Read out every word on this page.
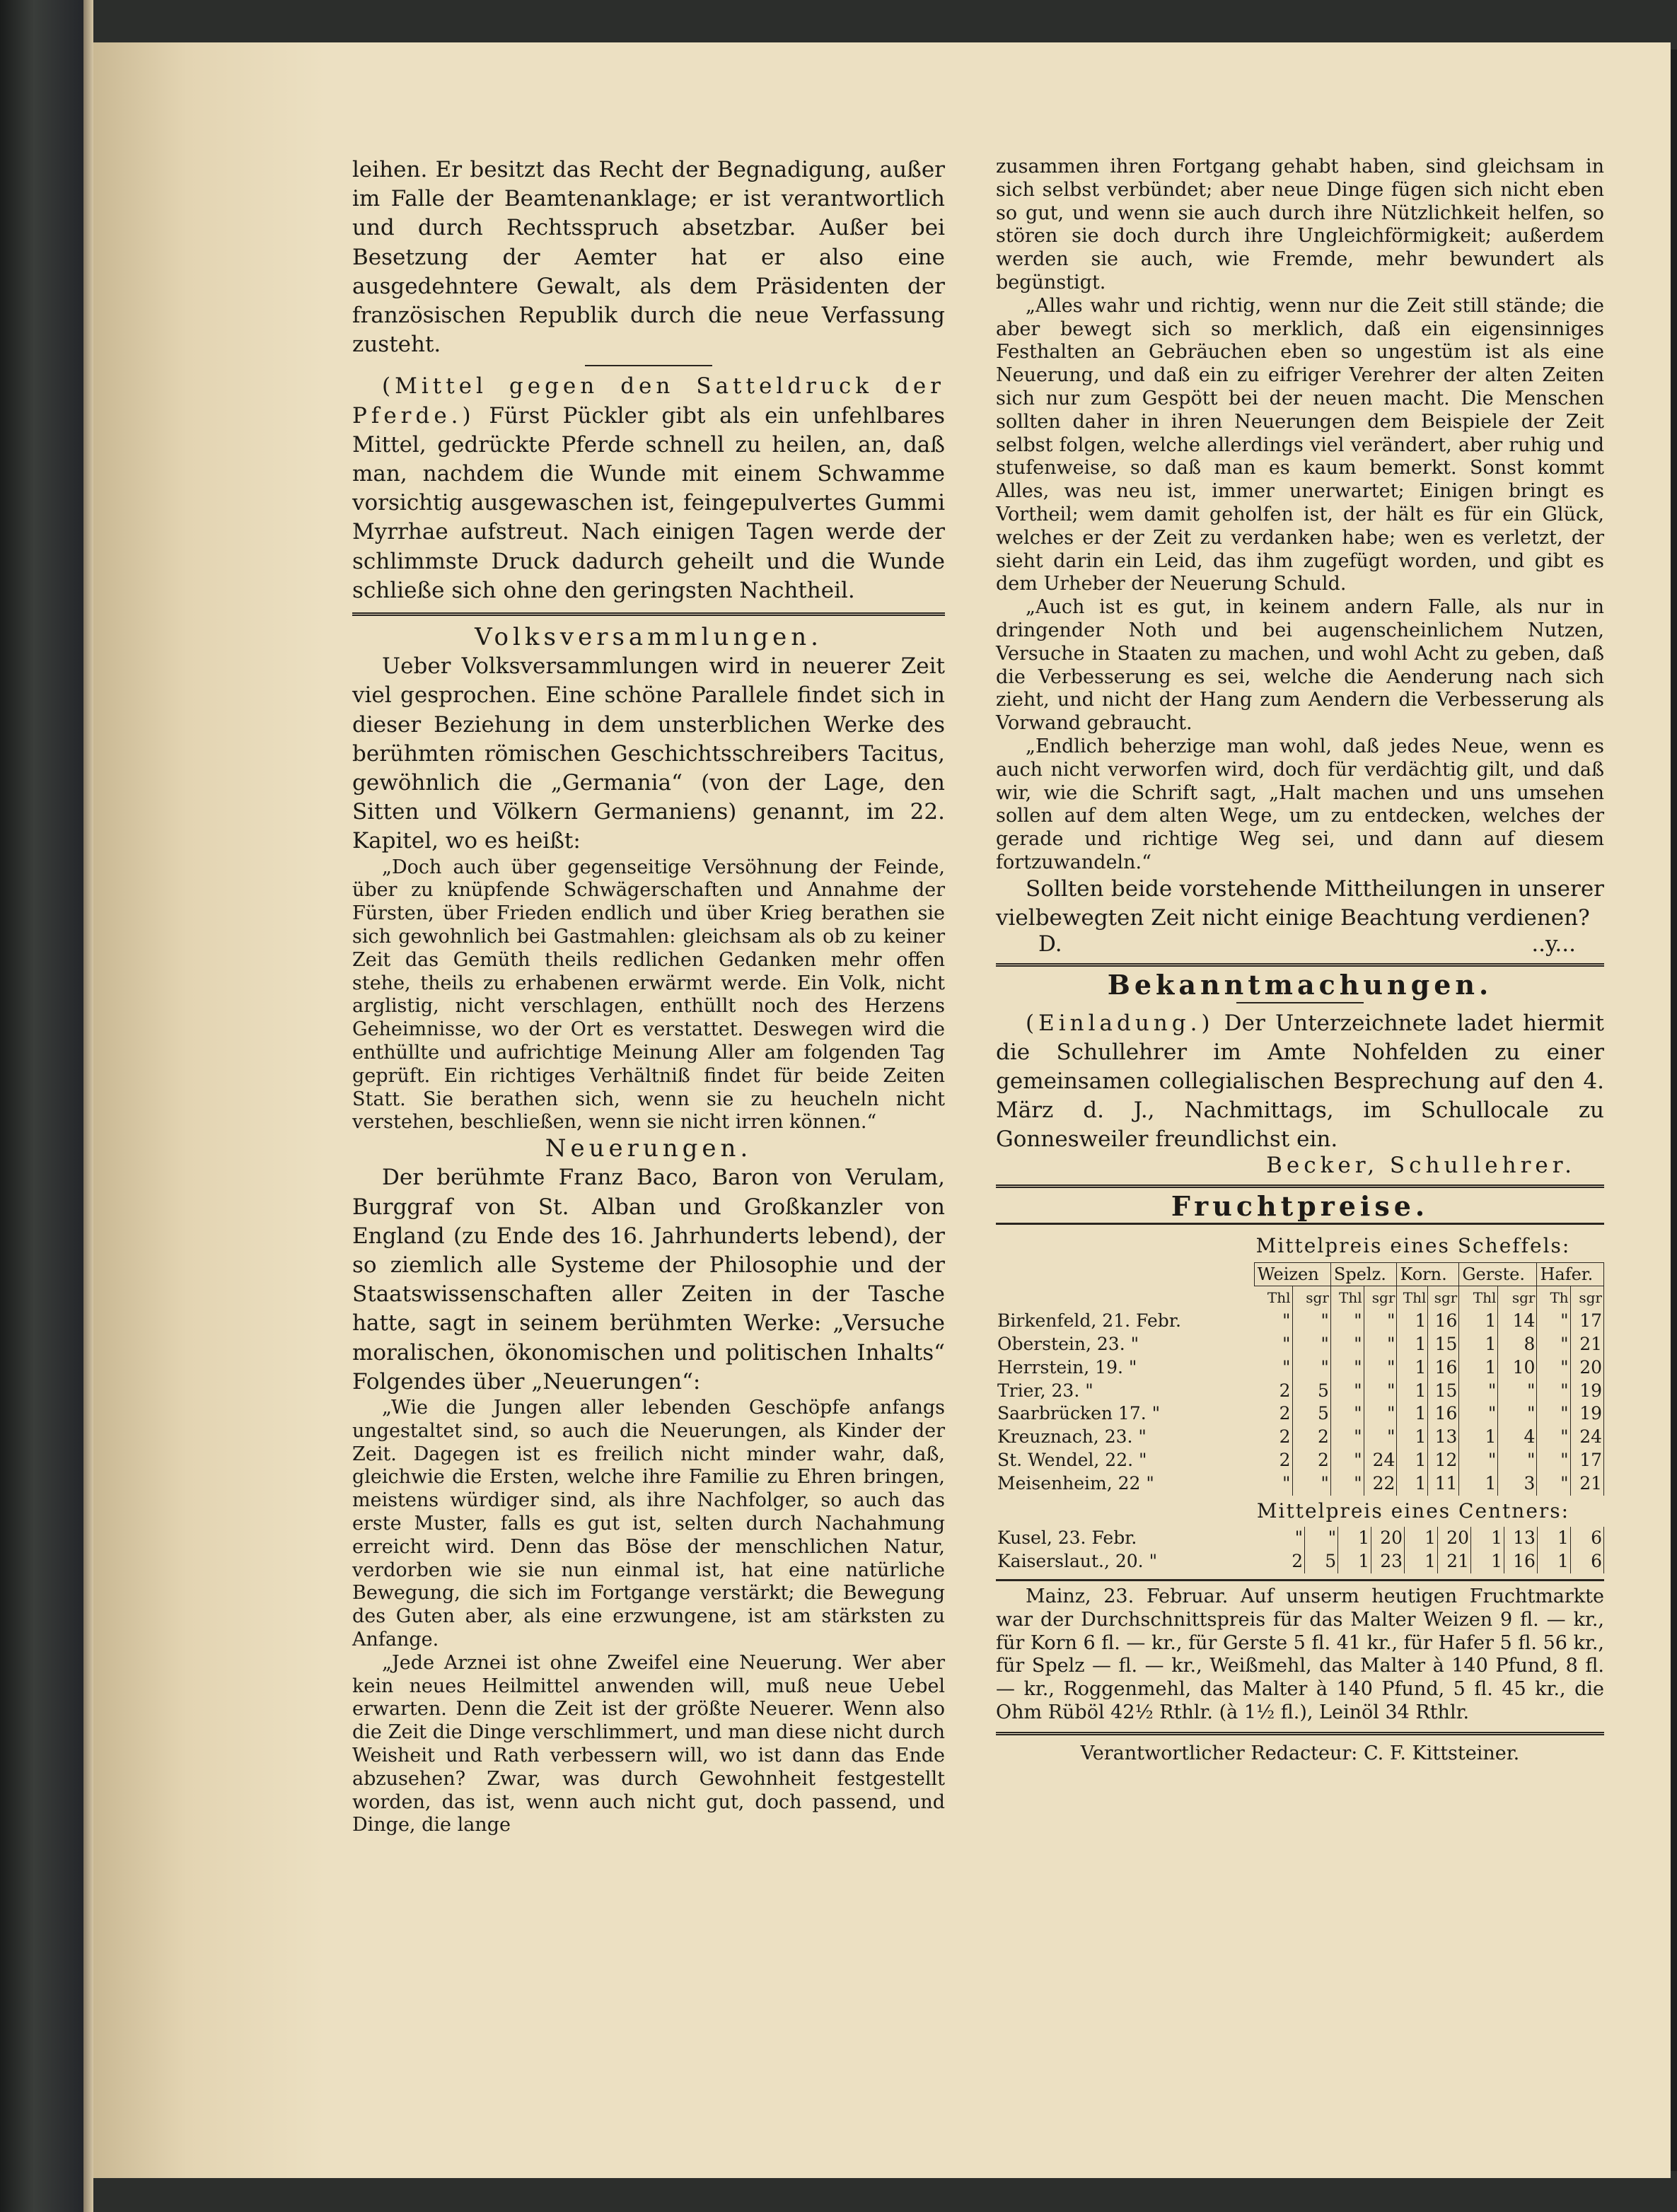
leihen. Er besitzt das Recht der Begnadigung, außer im Falle der Beamtenanklage; er ist verantwortlich und durch Rechtsspruch absetzbar. Außer bei Besetzung der Aemter hat er also eine ausgedehntere Gewalt, als dem Präsidenten der französischen Republik durch die neue Verfassung zusteht.

(Mittel gegen den Satteldruck der Pferde.) Fürst Pückler gibt als ein unfehlbares Mittel, gedrückte Pferde schnell zu heilen, an, daß man, nachdem die Wunde mit einem Schwamme vorsichtig ausgewaschen ist, feingepulvertes Gummi Myrrhae aufstreut. Nach einigen Tagen werde der schlimmste Druck dadurch geheilt und die Wunde schließe sich ohne den geringsten Nachtheil.

Volksversammlungen.

Ueber Volksversammlungen wird in neuerer Zeit viel gesprochen. Eine schöne Parallele findet sich in dieser Beziehung in dem unsterblichen Werke des berühmten römischen Geschichtsschreibers Tacitus, gewöhnlich die „Germania“ (von der Lage, den Sitten und Völkern Germaniens) genannt, im 22. Kapitel, wo es heißt:

„Doch auch über gegenseitige Versöhnung der Feinde, über zu knüpfende Schwägerschaften und Annahme der Fürsten, über Frieden endlich und über Krieg berathen sie sich gewohnlich bei Gastmahlen: gleichsam als ob zu keiner Zeit das Gemüth theils redlichen Gedanken mehr offen stehe, theils zu erhabenen erwärmt werde. Ein Volk, nicht arglistig, nicht verschlagen, enthüllt noch des Herzens Geheimnisse, wo der Ort es verstattet. Deswegen wird die enthüllte und aufrichtige Meinung Aller am folgenden Tag geprüft. Ein richtiges Verhältniß findet für beide Zeiten Statt. Sie berathen sich, wenn sie zu heucheln nicht verstehen, beschließen, wenn sie nicht irren können.“

Neuerungen.

Der berühmte Franz Baco, Baron von Verulam, Burggraf von St. Alban und Großkanzler von England (zu Ende des 16. Jahrhunderts lebend), der so ziemlich alle Systeme der Philosophie und der Staatswissenschaften aller Zeiten in der Tasche hatte, sagt in seinem berühmten Werke: „Versuche moralischen, ökonomischen und politischen Inhalts“ Folgendes über „Neuerungen“:

„Wie die Jungen aller lebenden Geschöpfe anfangs ungestaltet sind, so auch die Neuerungen, als Kinder der Zeit. Dagegen ist es freilich nicht minder wahr, daß, gleichwie die Ersten, welche ihre Familie zu Ehren bringen, meistens würdiger sind, als ihre Nachfolger, so auch das erste Muster, falls es gut ist, selten durch Nachahmung erreicht wird. Denn das Böse der menschlichen Natur, verdorben wie sie nun einmal ist, hat eine natürliche Bewegung, die sich im Fortgange verstärkt; die Bewegung des Guten aber, als eine erzwungene, ist am stärksten zu Anfange.

„Jede Arznei ist ohne Zweifel eine Neuerung. Wer aber kein neues Heilmittel anwenden will, muß neue Uebel erwarten. Denn die Zeit ist der größte Neuerer. Wenn also die Zeit die Dinge verschlimmert, und man diese nicht durch Weisheit und Rath verbessern will, wo ist dann das Ende abzusehen? Zwar, was durch Gewohnheit festgestellt worden, das ist, wenn auch nicht gut, doch passend, und Dinge, die lange

zusammen ihren Fortgang gehabt haben, sind gleichsam in sich selbst verbündet; aber neue Dinge fügen sich nicht eben so gut, und wenn sie auch durch ihre Nützlichkeit helfen, so stören sie doch durch ihre Ungleichförmigkeit; außerdem werden sie auch, wie Fremde, mehr bewundert als begünstigt.

„Alles wahr und richtig, wenn nur die Zeit still stände; die aber bewegt sich so merklich, daß ein eigensinniges Festhalten an Gebräuchen eben so ungestüm ist als eine Neuerung, und daß ein zu eifriger Verehrer der alten Zeiten sich nur zum Gespött bei der neuen macht. Die Menschen sollten daher in ihren Neuerungen dem Beispiele der Zeit selbst folgen, welche allerdings viel verändert, aber ruhig und stufenweise, so daß man es kaum bemerkt. Sonst kommt Alles, was neu ist, immer unerwartet; Einigen bringt es Vortheil; wem damit geholfen ist, der hält es für ein Glück, welches er der Zeit zu verdanken habe; wen es verletzt, der sieht darin ein Leid, das ihm zugefügt worden, und gibt es dem Urheber der Neuerung Schuld.

„Auch ist es gut, in keinem andern Falle, als nur in dringender Noth und bei augenscheinlichem Nutzen, Versuche in Staaten zu machen, und wohl Acht zu geben, daß die Verbesserung es sei, welche die Aenderung nach sich zieht, und nicht der Hang zum Aendern die Verbesserung als Vorwand gebraucht.

„Endlich beherzige man wohl, daß jedes Neue, wenn es auch nicht verworfen wird, doch für verdächtig gilt, und daß wir, wie die Schrift sagt, „Halt machen und uns umsehen sollen auf dem alten Wege, um zu entdecken, welches der gerade und richtige Weg sei, und dann auf diesem fortzuwandeln.“

Sollten beide vorstehende Mittheilungen in unserer vielbewegten Zeit nicht einige Beachtung verdienen?

D.	..y...
Bekanntmachungen.

(Einladung.) Der Unterzeichnete ladet hiermit die Schullehrer im Amte Nohfelden zu einer gemeinsamen collegialischen Besprechung auf den 4. März d. J., Nachmittags, im Schullocale zu Gonnesweiler freundlichst ein.

Becker, Schullehrer.
Fruchtpreise.
Mittelpreis eines Scheffels:
	Weizen		Spelz.		Korn.		Gerste.		Hafer.	
	Thl	sgr	Thl	sgr	Thl	sgr	Thl	sgr	Th	sgr
Birkenfeld, 21. Febr.	"	"	"	"	1	16	1	14	"	17
Oberstein, 23. "	"	"	"	"	1	15	1	8	"	21
Herrstein, 19. "	"	"	"	"	1	16	1	10	"	20
Trier, 23. "	2	5	"	"	1	15	"	"	"	19
Saarbrücken 17. "	2	5	"	"	1	16	"	"	"	19
Kreuznach, 23. "	2	2	"	"	1	13	1	4	"	24
St. Wendel, 22. "	2	2	"	24	1	12	"	"	"	17
Meisenheim, 22 "	"	"	"	22	1	11	1	3	"	21
Mittelpreis eines Centners:
Kusel, 23. Febr.	"	"	1	20	1	20	1	13	1	6
Kaiserslaut., 20. "	2	5	1	23	1	21	1	16	1	6

Mainz, 23. Februar. Auf unserm heutigen Fruchtmarkte war der Durchschnittspreis für das Malter Weizen 9 fl. — kr., für Korn 6 fl. — kr., für Gerste 5 fl. 41 kr., für Hafer 5 fl. 56 kr., für Spelz — fl. — kr., Weißmehl, das Malter à 140 Pfund, 8 fl. — kr., Roggenmehl, das Malter à 140 Pfund, 5 fl. 45 kr., die Ohm Rüböl 42½ Rthlr. (à 1½ fl.), Leinöl 34 Rthlr.

Verantwortlicher Redacteur: C. F. Kittsteiner.
